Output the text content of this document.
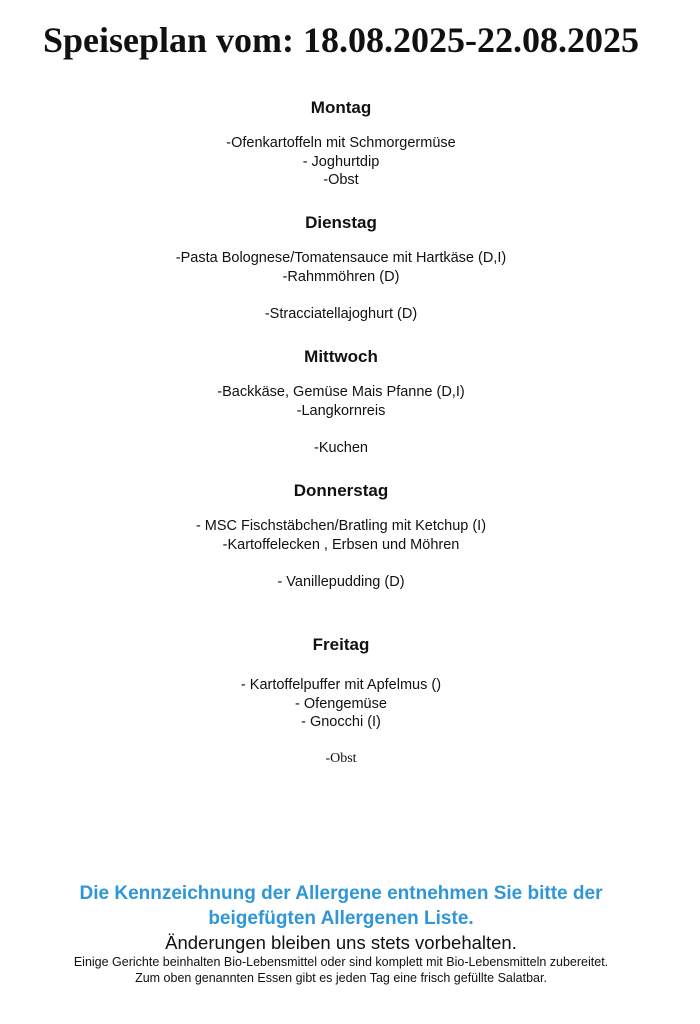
Speiseplan vom: 18.08.2025-22.08.2025
Montag
-Ofenkartoffeln mit Schmorgermüse
- Joghurtdip
-Obst
Dienstag
-Pasta Bolognese/Tomatensauce mit Hartkäse (D,I)
-Rahmmöhren (D)
-Stracciatellajoghurt (D)
Mittwoch
-Backkäse, Gemüse Mais Pfanne (D,I)
-Langkornreis
-Kuchen
Donnerstag
- MSC Fischstäbchen/Bratling mit Ketchup (I)
-Kartoffelecken , Erbsen und Möhren
- Vanillepudding (D)
Freitag
- Kartoffelpuffer mit Apfelmus ()
- Ofengemüse
- Gnocchi (I)
-Obst
Die Kennzeichnung der Allergene entnehmen Sie bitte der
beigefügten Allergenen Liste.
Änderungen bleiben uns stets vorbehalten.
Einige Gerichte beinhalten Bio-Lebensmittel oder sind komplett mit Bio-Lebensmitteln zubereitet.
Zum oben genannten Essen gibt es jeden Tag eine frisch gefüllte Salatbar.
